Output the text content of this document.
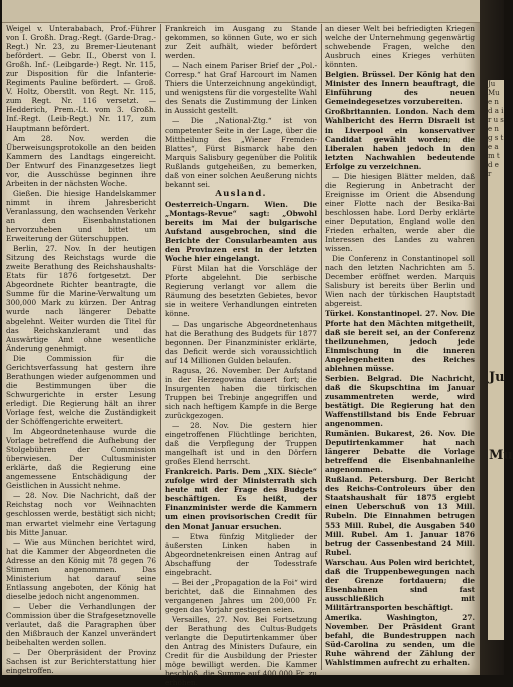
Weigel v. Unterababach, Prof.-Führer von I. Großh. Drag.-Regt. (Garde-Drag.-Regt.) Nr. 23, zu Bremer-Lieutenant befördert. — Gebr. II., Oberst von I. Großh. Inf.- (Leibgarde-) Regt. Nr. 115, zur Disposition für die Infanterie-Regiments Pauline befördert. — Groß. V. Holtz, Oberstlt. von Regt. Nr. 115, zum Regt. Nr. 116 versetzt. — Hedderich, Prem.-Lt. vom 3. Großh. Inf.-Regt. (Leib-Regt.) Nr. 117, zum Hauptmann befördert.

Am 28. Nov. werden die Überweisungsprotokolle an den beiden Kammern des Landtags eingereicht. Der Entwurf des Finanzgesetzes liegt vor, die Ausschüsse beginnen ihre Arbeiten in der nächsten Woche.

Gießen. Die hiesige Handelskammer nimmt in ihrem Jahresbericht Veranlassung, den wachsenden Verkehr an den Eisenbahnstationen hervorzuheben und bittet um Erweiterung der Güterschuppen.

Berlin, 27. Nov. In der heutigen Sitzung des Reichstags wurde die zweite Berathung des Reichshaushalts-Etats für 1876 fortgesetzt. Der Abgeordnete Richter beantragte, die Summe für die Marine-Verwaltung um 300,000 Mark zu kürzen. Der Antrag wurde nach längerer Debatte abgelehnt. Weiter wurden die Titel für das Reichskanzleramt und das Auswärtige Amt ohne wesentliche Änderung genehmigt.

Die Commission für die Gerichtsverfassung hat gestern ihre Berathungen wieder aufgenommen und die Bestimmungen über die Schwurgerichte in erster Lesung erledigt. Die Regierung hält an ihrer Vorlage fest, welche die Zuständigkeit der Schöffengerichte erweitert.

Im Abgeordnetenhause wurde die Vorlage betreffend die Aufhebung der Stolgebühren der Commission überwiesen. Der Cultusminister erklärte, daß die Regierung eine angemessene Entschädigung der Geistlichen in Aussicht nehme.

— 28. Nov. Die Nachricht, daß der Reichstag noch vor Weihnachten geschlossen werde, bestätigt sich nicht; man erwartet vielmehr eine Vertagung bis Mitte Januar.

— Wie aus München berichtet wird, hat die Kammer der Abgeordneten die Adresse an den König mit 78 gegen 76 Stimmen angenommen. Das Ministerium hat darauf seine Entlassung angeboten, der König hat dieselbe jedoch nicht angenommen.

— Ueber die Verhandlungen der Commission über die Strafgesetznovelle verlautet, daß die Paragraphen über den Mißbrauch der Kanzel unverändert beibehalten werden sollen.

— Der Oberpräsident der Provinz Sachsen ist zur Berichterstattung hier eingetroffen.

Frankreich im Ausgang zu Stande gekommen, so können Gute, wo er sich zur Zeit aufhält, wieder befördert werden.

— Nach einem Pariser Brief der „Pol.-Corresp.“ hat Graf Harcourt im Namen Thiers die Unterzeichnung angekündigt, und wenigstens für die vorgestellte Wahl des Senats die Zustimmung der Linken in Aussicht gestellt.

— Die „National-Ztg.“ ist von competenter Seite in der Lage, über die Mittheilung des „Wiener Fremden-Blattes“, Fürst Bismarck habe den Marquis Salisbury gegenüber die Politik Rußlands gutgeheißen, zu bemerken, daß von einer solchen Aeußerung nichts bekannt sei.

Ausland.

Oesterreich-Ungarn. Wien. Die „Montags-Revue“ sagt: „Obwohl bereits im Mai der bulgarische Aufstand ausgebrochen, sind die Berichte der Consularbeamten aus den Provinzen erst in der letzten Woche hier eingelangt.

Fürst Milan hat die Vorschläge der Pforte abgelehnt. Die serbische Regierung verlangt vor allem die Räumung des besetzten Gebietes, bevor sie in weitere Verhandlungen eintreten könne.

— Das ungarische Abgeordnetenhaus hat die Berathung des Budgets für 1877 begonnen. Der Finanzminister erklärte, das Deficit werde sich voraussichtlich auf 14 Millionen Gulden belaufen.

Ragusa, 26. November. Der Aufstand in der Herzegowina dauert fort; die Insurgenten haben die türkischen Truppen bei Trebinje angegriffen und sich nach heftigem Kampfe in die Berge zurückgezogen.

— 28. Nov. Die gestern hier eingetroffenen Flüchtlinge berichten, daß die Verpflegung der Truppen mangelhaft ist und in den Dörfern großes Elend herrscht.

Frankreich. Paris. Dem „XIX. Siècle“ zufolge wird der Ministerrath sich heute mit der Frage des Budgets beschäftigen. Es heißt, der Finanzminister werde die Kammern um einen provisorischen Credit für den Monat Januar ersuchen.

— Etwa fünfzig Mitglieder der äußersten Linken haben in Abgeordnetenkreisen einen Antrag auf Abschaffung der Todesstrafe eingebracht.

— Bei der „Propagation de la Foi“ wird berichtet, daß die Einnahmen des vergangenen Jahres um 200,000 Fr. gegen das Vorjahr gestiegen seien.

Versailles, 27. Nov. Bei Fortsetzung der Berathung des Cultus-Budgets verlangte die Deputirtenkammer über den Antrag des Ministers Dufaure, ein Credit für die Ausbildung der Priester möge bewilligt werden. Die Kammer beschloß, die Summe auf 400,000 Fr. zu erhöhen.

an dieser Welt bei befriedigten Kriegen welche der Unternehmung gegenwärtig schwebende Fragen, welche den Ausbruch eines Krieges verhüten könnten.

Belgien. Brüssel. Der König hat den Minister des Innern beauftragt, die Einführung des neuen Gemeindegesetzes vorzubereiten.

Großbritannien. London. Nach dem Wahlbericht des Herrn Disraeli ist in Liverpool ein konservativer Candidat gewählt worden; die Liberalen haben jedoch in den letzten Nachwahlen bedeutende Erfolge zu verzeichnen.

— Die hiesigen Blätter melden, daß die Regierung in Anbetracht der Ereignisse im Orient die Absendung einer Flotte nach der Besika-Bai beschlossen habe. Lord Derby erklärte einer Deputation, England wolle den Frieden erhalten, werde aber die Interessen des Landes zu wahren wissen.

Die Conferenz in Constantinopel soll nach den letzten Nachrichten am 5. December eröffnet werden. Marquis Salisbury ist bereits über Berlin und Wien nach der türkischen Hauptstadt abgereist.

Türkei. Konstantinopel. 27. Nov. Die Pforte hat den Mächten mitgetheilt, daß sie bereit sei, an der Conferenz theilzunehmen, jedoch jede Einmischung in die inneren Angelegenheiten des Reiches ablehnen müsse.

Serbien. Belgrad. Die Nachricht, daß die Skupschtina im Januar zusammentreten werde, wird bestätigt. Die Regierung hat den Waffenstillstand bis Ende Februar angenommen.

Rumänien. Bukarest, 26. Nov. Die Deputirtenkammer hat nach längerer Debatte die Vorlage betreffend die Eisenbahnanleihe angenommen.

Rußland. Petersburg. Der Bericht des Reichs-Controleurs über den Staatshaushalt für 1875 ergiebt einen Ueberschuß von 13 Mill. Rubeln. Die Einnahmen betrugen 553 Mill. Rubel, die Ausgaben 540 Mill. Rubel. Am 1. Januar 1876 betrug der Cassenbestand 24 Mill. Rubel.

Warschau. Aus Polen wird berichtet, daß die Truppenbewegungen nach der Grenze fortdauern; die Eisenbahnen sind fast ausschließlich mit Militärtransporten beschäftigt.

Amerika. Washington, 27. November. Der Präsident Grant befahl, die Bundestruppen nach Süd-Carolina zu senden, um die Ruhe während der Zählung der Wahlstimmen aufrecht zu erhalten.

Ju Mu e n d a i r u s e n g s t e a m t d e r
Ju
Mu
